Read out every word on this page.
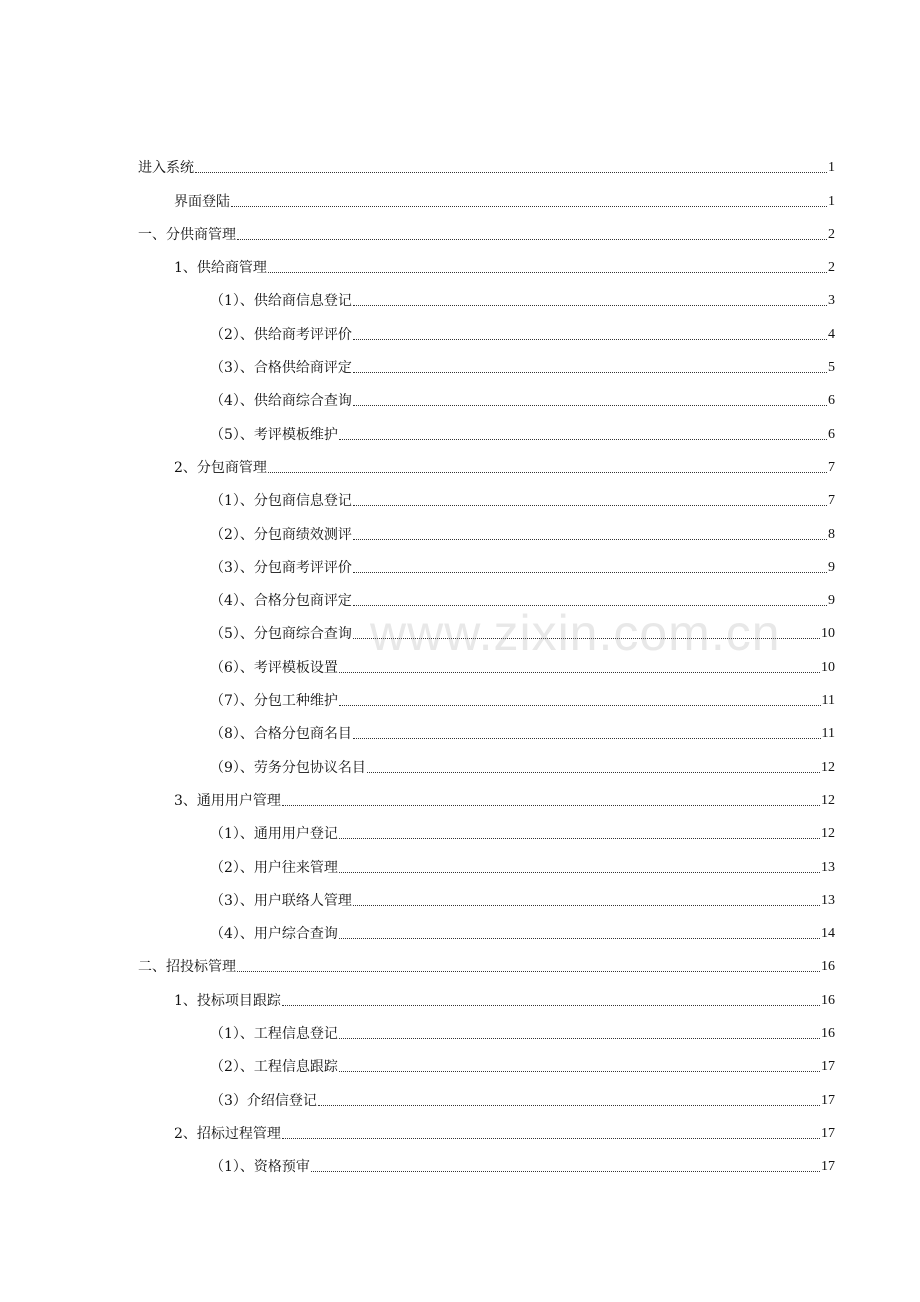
进入系统	1
界面登陆	1
一、分供商管理	2
1、供给商管理	2
（1）、供给商信息登记	3
（2）、供给商考评评价	4
（3）、合格供给商评定	5
（4）、供给商综合查询	6
（5）、考评模板维护	6
2、分包商管理	7
（1）、分包商信息登记	7
（2）、分包商绩效测评	8
（3）、分包商考评评价	9
（4）、合格分包商评定	9
（5）、分包商综合查询	10
（6）、考评模板设置	10
（7）、分包工种维护	11
（8）、合格分包商名目	11
（9）、劳务分包协议名目	12
3、通用用户管理	12
（1）、通用用户登记	12
（2）、用户往来管理	13
（3）、用户联络人管理	13
（4）、用户综合查询	14
二、招投标管理	16
1、投标项目跟踪	16
（1）、工程信息登记	16
（2）、工程信息跟踪	17
（3）介绍信登记	17
2、招标过程管理	17
（1）、资格预审	17
www.zixin.com.cn
